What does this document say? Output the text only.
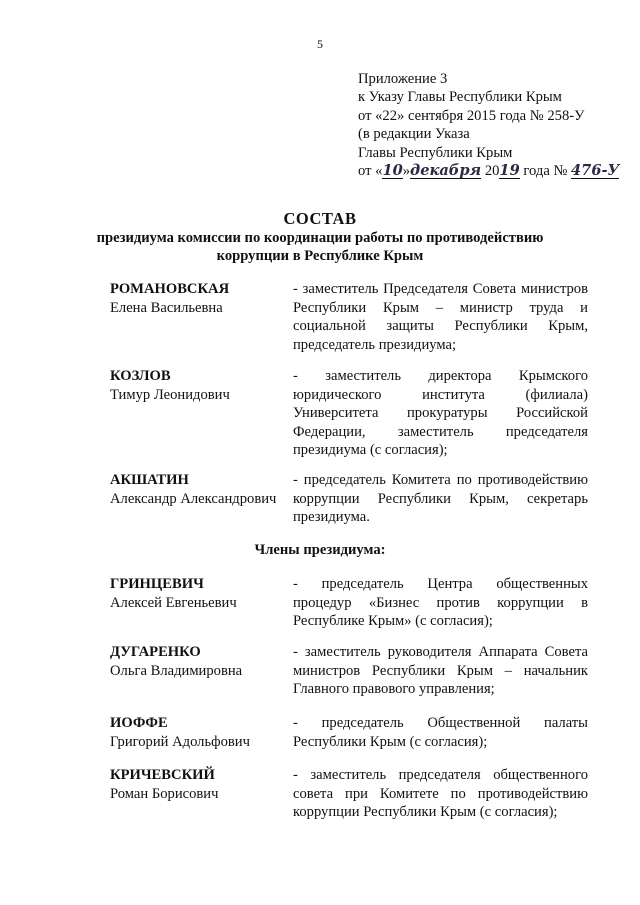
5
Приложение 3
к Указу Главы Республики Крым
от «22» сентября 2015 года № 258-У
(в редакции Указа
Главы Республики Крым
от «10»декабря 2019 года № 476-У
СОСТАВ
президиума комиссии по координации работы по противодействию коррупции в Республике Крым
РОМАНОВСКАЯ
Елена Васильевна
- заместитель Председателя Совета министров Республики Крым – министр труда и социальной защиты Республики Крым, председатель президиума;
КОЗЛОВ
Тимур Леонидович
- заместитель директора Крымского юридического института (филиала) Университета прокуратуры Российской Федерации, заместитель председателя президиума (с согласия);
АКШАТИН
Александр Александрович
- председатель Комитета по противодействию коррупции Республики Крым, секретарь президиума.
Члены президиума:
ГРИНЦЕВИЧ
Алексей Евгеньевич
- председатель Центра общественных процедур «Бизнес против коррупции в Республике Крым» (с согласия);
ДУГАРЕНКО
Ольга Владимировна
- заместитель руководителя Аппарата Совета министров Республики Крым – начальник Главного правового управления;
ИОФФЕ
Григорий Адольфович
- председатель Общественной палаты Республики Крым (с согласия);
КРИЧЕВСКИЙ
Роман Борисович
- заместитель председателя общественного совета при Комитете по противодействию коррупции Республики Крым (с согласия);
